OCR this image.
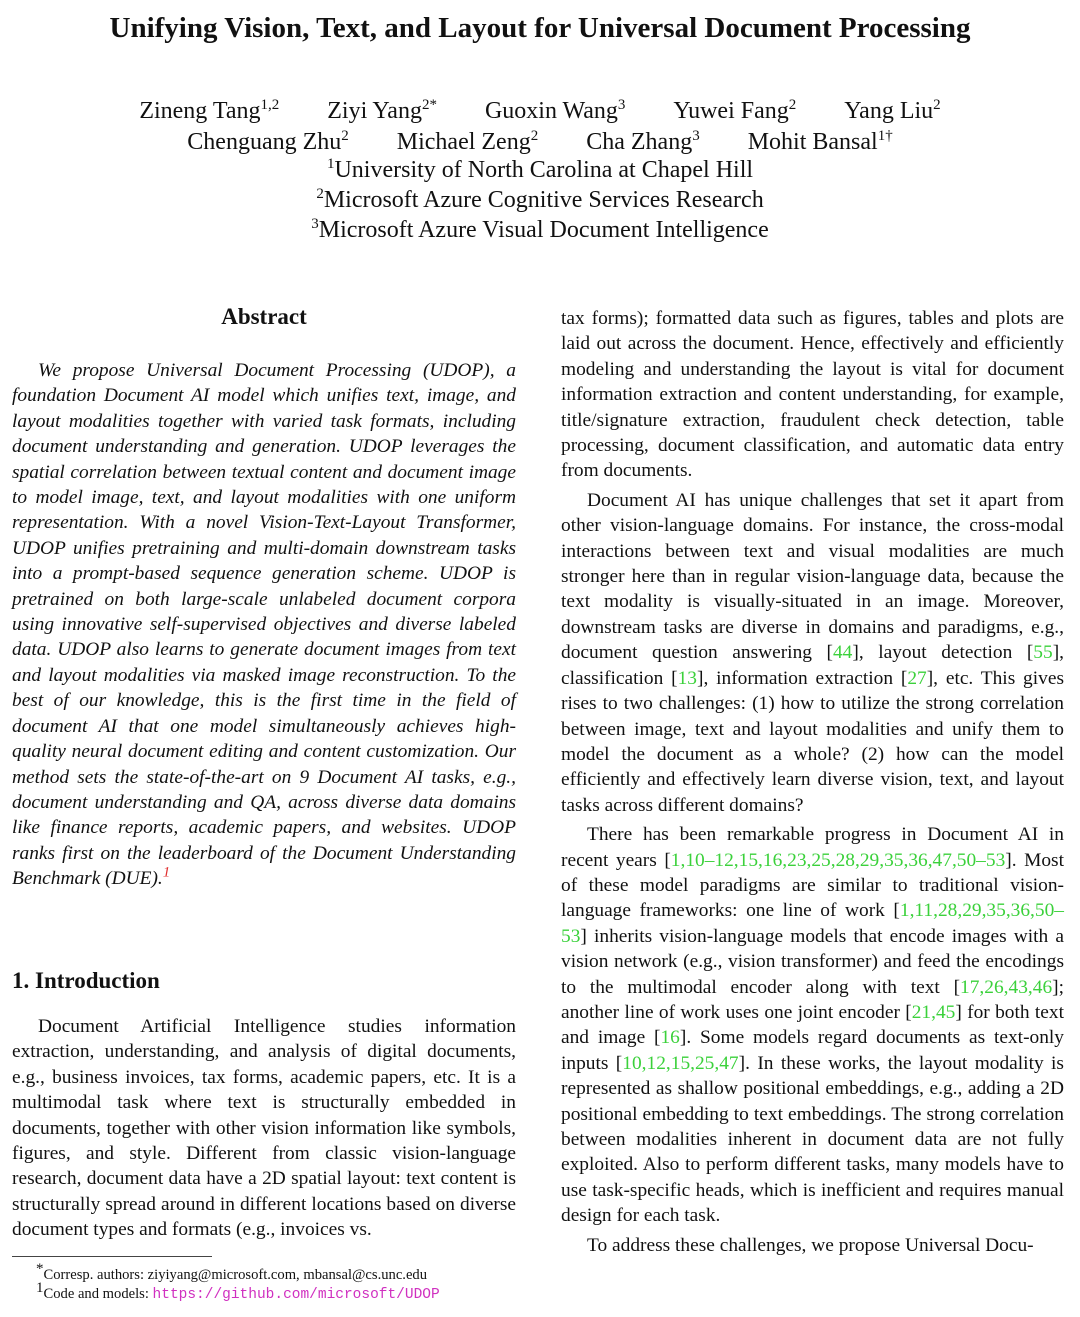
Unifying Vision, Text, and Layout for Universal Document Processing
Zineng Tang$^{1,2}$ Ziyi Yang$^{2*}$ Guoxin Wang$^3$ Yuwei Fang$^2$ Yang Liu$^2$
Chenguang Zhu$^2$ Michael Zeng$^2$ Cha Zhang$^3$ Mohit Bansal$^{1\dagger}$
$^1$University of North Carolina at Chapel Hill
$^2$Microsoft Azure Cognitive Services Research
$^3$Microsoft Azure Visual Document Intelligence
Abstract

We propose Universal Document Processing (UDOP), a foundation Document AI model which unifies text, image, and layout modalities together with varied task formats, including document understanding and generation. UDOP leverages the spatial correlation between textual content and document image to model image, text, and layout modalities with one uniform representation. With a novel Vision-Text-Layout Transformer, UDOP unifies pretraining and multi-domain downstream tasks into a prompt-based sequence generation scheme. UDOP is pretrained on both large-scale unlabeled document corpora using innovative self-supervised objectives and diverse labeled data. UDOP also learns to generate document images from text and layout modalities via masked image reconstruction. To the best of our knowledge, this is the first time in the field of document AI that one model simultaneously achieves high-quality neural document editing and content customization. Our method sets the state-of-the-art on 9 Document AI tasks, e.g., document understanding and QA, across diverse data domains like finance reports, academic papers, and websites. UDOP ranks first on the leaderboard of the Document Understanding Benchmark (DUE).$^1$

1. Introduction

Document Artificial Intelligence studies information extraction, understanding, and analysis of digital documents, e.g., business invoices, tax forms, academic papers, etc. It is a multimodal task where text is structurally embedded in documents, together with other vision information like symbols, figures, and style. Different from classic vision-language research, document data have a 2D spatial layout: text content is structurally spread around in different locations based on diverse document types and formats (e.g., invoices vs.

tax forms); formatted data such as figures, tables and plots are laid out across the document. Hence, effectively and efficiently modeling and understanding the layout is vital for document information extraction and content understanding, for example, title/signature extraction, fraudulent check detection, table processing, document classification, and automatic data entry from documents.

Document AI has unique challenges that set it apart from other vision-language domains. For instance, the cross-modal interactions between text and visual modalities are much stronger here than in regular vision-language data, because the text modality is visually-situated in an image. Moreover, downstream tasks are diverse in domains and paradigms, e.g., document question answering [44], layout detection [55], classification [13], information extraction [27], etc. This gives rises to two challenges: (1) how to utilize the strong correlation between image, text and layout modalities and unify them to model the document as a whole? (2) how can the model efficiently and effectively learn diverse vision, text, and layout tasks across different domains?

There has been remarkable progress in Document AI in recent years [1,10–12,15,16,23,25,28,29,35,36,47,50–53]. Most of these model paradigms are similar to traditional vision-language frameworks: one line of work [1,11,28,29,35,36,50–53] inherits vision-language models that encode images with a vision network (e.g., vision transformer) and feed the encodings to the multimodal encoder along with text [17,26,43,46]; another line of work uses one joint encoder [21,45] for both text and image [16]. Some models regard documents as text-only inputs [10,12,15,25,47]. In these works, the layout modality is represented as shallow positional embeddings, e.g., adding a 2D positional embedding to text embeddings. The strong correlation between modalities inherent in document data are not fully exploited. Also to perform different tasks, many models have to use task-specific heads, which is inefficient and requires manual design for each task.

To address these challenges, we propose Universal Docu-

*Corresp. authors: ziyiyang@microsoft.com, mbansal@cs.unc.edu
$^1$Code and models: https://github.com/microsoft/UDOP
